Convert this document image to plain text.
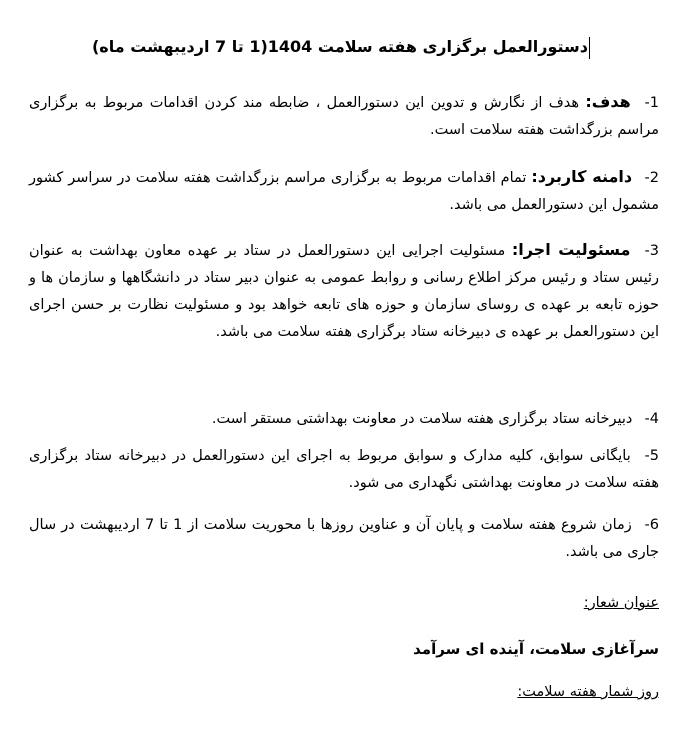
دستورالعمل برگزاری هفته سلامت 1404(1 تا 7 اردیبهشت ماه)
1- هدف: هدف از نگارش و تدوین این دستورالعمل ، ضابطه مند کردن اقدامات مربوط به برگزاری مراسم بزرگداشت هفته سلامت است.
2- دامنه کاربرد: تمام اقدامات مربوط به برگزاری مراسم بزرگداشت هفته سلامت در سراسر کشور مشمول این دستورالعمل می باشد.
3- مسئولیت اجرا: مسئولیت اجرایی این دستورالعمل در ستاد بر عهده معاون بهداشت به عنوان رئیس ستاد و رئیس مرکز اطلاع رسانی و روابط عمومی به عنوان دبیر ستاد در دانشگاهها و سازمان ها و حوزه تابعه بر عهده ی روسای سازمان و حوزه های تابعه خواهد بود و مسئولیت نظارت بر حسن اجرای این دستورالعمل بر عهده ی دبیرخانه ستاد برگزاری هفته سلامت می باشد.
4- دبیرخانه ستاد برگزاری هفته سلامت در معاونت بهداشتی مستقر است.
5- بایگانی سوابق، کلیه مدارک و سوابق مربوط به اجرای این دستورالعمل در دبیرخانه ستاد برگزاری هفته سلامت در معاونت بهداشتی نگهداری می شود.
6- زمان شروع هفته سلامت و پایان آن و عناوین روزها با محوریت سلامت از 1 تا 7 اردیبهشت در سال جاری می باشد.
عنوان شعار:
سرآغازی سلامت، آینده ای سرآمد
روز شمار هفته سلامت:
